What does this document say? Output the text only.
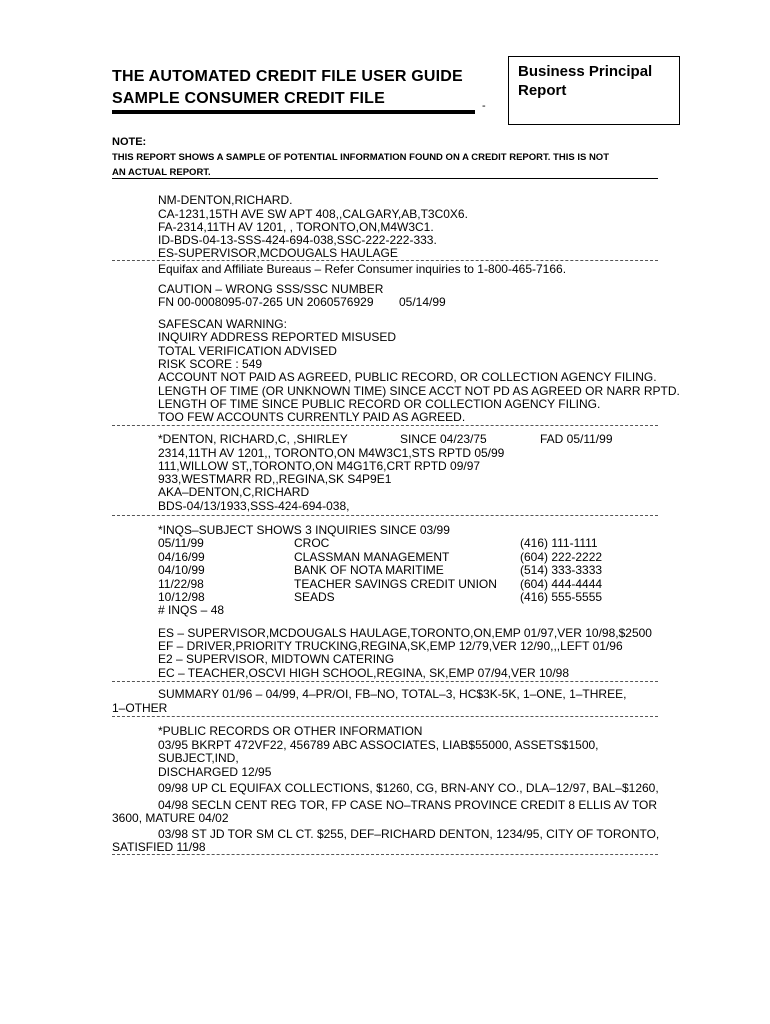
THE AUTOMATED CREDIT FILE USER GUIDE
SAMPLE CONSUMER CREDIT FILE	-
Business Principal
Report
NOTE:
THIS REPORT SHOWS A SAMPLE OF POTENTIAL INFORMATION FOUND ON A CREDIT REPORT. THIS IS NOT
AN ACTUAL REPORT.
NM-DENTON,RICHARD.
CA-1231,15TH AVE SW APT 408,,CALGARY,AB,T3C0X6.
FA-2314,11TH AV 1201, , TORONTO,ON,M4W3C1.
ID-BDS-04-13-SSS-424-694-038,SSC-222-222-333.
ES-SUPERVISOR,MCDOUGALS HAULAGE
Equifax and Affiliate Bureaus – Refer Consumer inquiries to 1-800-465-7166.
CAUTION – WRONG SSS/SSC NUMBER
FN 00-0008095-07-265 UN 2060576929 05/14/99
SAFESCAN WARNING:
INQUIRY ADDRESS REPORTED MISUSED
TOTAL VERIFICATION ADVISED
RISK SCORE : 549
ACCOUNT NOT PAID AS AGREED, PUBLIC RECORD, OR COLLECTION AGENCY FILING.
LENGTH OF TIME (OR UNKNOWN TIME) SINCE ACCT NOT PD AS AGREED OR NARR RPTD.
LENGTH OF TIME SINCE PUBLIC RECORD OR COLLECTION AGENCY FILING.
TOO FEW ACCOUNTS CURRENTLY PAID AS AGREED.
*DENTON, RICHARD,C, ,SHIRLEY	SINCE 04/23/75	FAD 05/11/99
2314,11TH AV 1201,, TORONTO,ON M4W3C1,STS RPTD 05/99
111,WILLOW ST,,TORONTO,ON M4G1T6,CRT RPTD 09/97
933,WESTMARR RD,,REGINA,SK S4P9E1
AKA–DENTON,C,RICHARD
BDS-04/13/1933,SSS-424-694-038,
*INQS–SUBJECT SHOWS 3 INQUIRIES SINCE 03/99
05/11/99	CROC	(416) 111-1111
04/16/99	CLASSMAN MANAGEMENT	(604) 222-2222
04/10/99	BANK OF NOTA MARITIME	(514) 333-3333
11/22/98	TEACHER SAVINGS CREDIT UNION (604) 444-4444
10/12/98	SEADS	(416) 555-5555
# INQS – 48
ES – SUPERVISOR,MCDOUGALS HAULAGE,TORONTO,ON,EMP 01/97,VER 10/98,$2500
EF – DRIVER,PRIORITY TRUCKING,REGINA,SK,EMP 12/79,VER 12/90,,,LEFT 01/96
E2 – SUPERVISOR, MIDTOWN CATERING
EC – TEACHER,OSCVI HIGH SCHOOL,REGINA, SK,EMP 07/94,VER 10/98
SUMMARY 01/96 – 04/99, 4–PR/OI, FB–NO, TOTAL–3, HC$3K-5K, 1–ONE, 1–THREE,
1–OTHER
*PUBLIC RECORDS OR OTHER INFORMATION
03/95 BKRPT 472VF22, 456789 ABC ASSOCIATES, LIAB$55000, ASSETS$1500,
SUBJECT,IND,
DISCHARGED 12/95
09/98 UP CL EQUIFAX COLLECTIONS, $1260, CG, BRN-ANY CO., DLA–12/97, BAL–$1260,
04/98 SECLN CENT REG TOR, FP CASE NO–TRANS PROVINCE CREDIT 8 ELLIS AV TOR
3600, MATURE 04/02
03/98 ST JD TOR SM CL CT. $255, DEF–RICHARD DENTON, 1234/95, CITY OF TORONTO,
SATISFIED 11/98
